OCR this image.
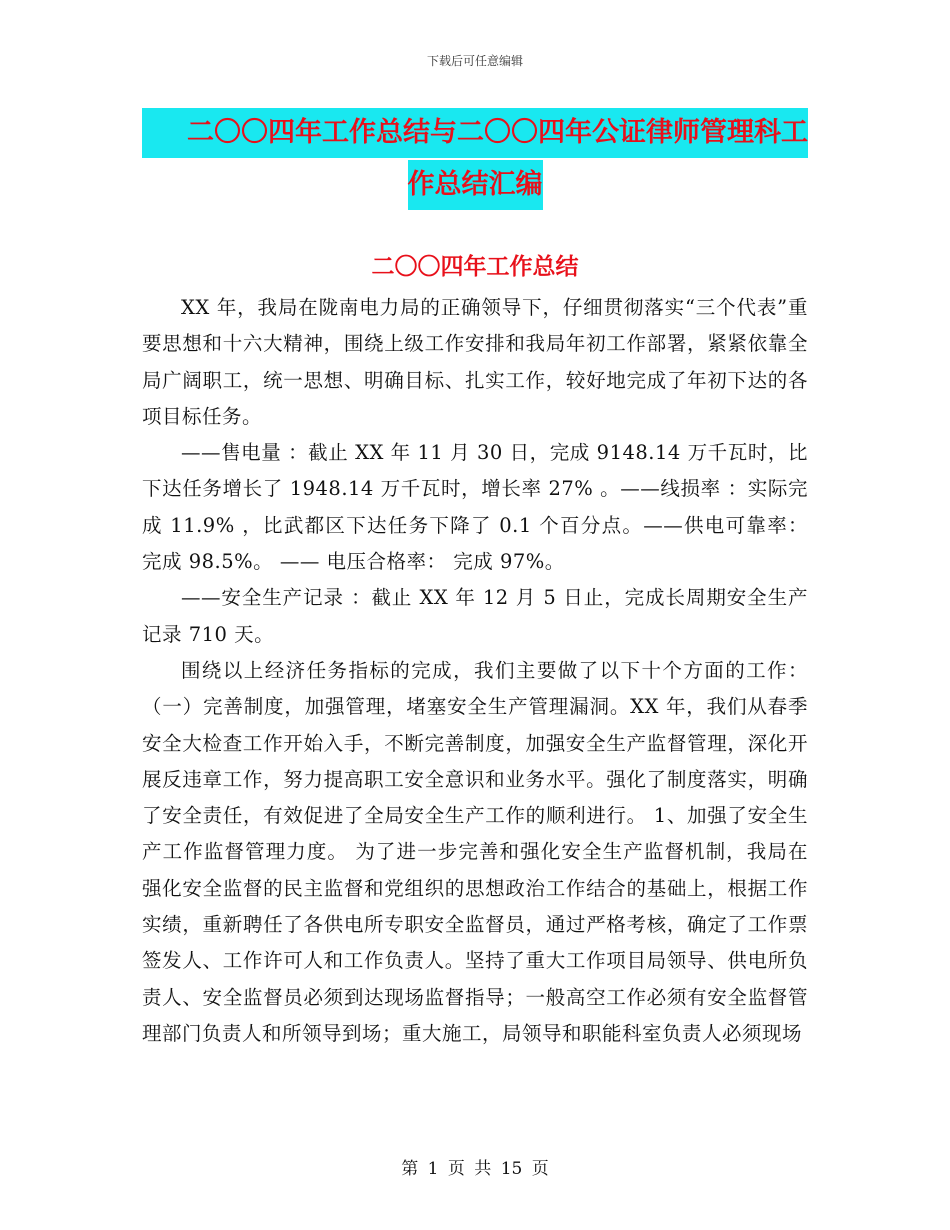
下载后可任意编辑
二〇〇四年工作总结与二〇〇四年公证律师管理科工
作总结汇编
二〇〇四年工作总结

XX 年，我局在陇南电力局的正确领导下，仔细贯彻落实“三个代表”重要思想和十六大精神，围绕上级工作安排和我局年初工作部署，紧紧依靠全局广阔职工，统一思想、明确目标、扎实工作，较好地完成了年初下达的各项目标任务。

——售电量 ：截止 XX 年 11 月 30 日，完成 9148.14 万千瓦时，比下达任务增长了 1948.14 万千瓦时，增长率 27% 。——线损率 ：实际完成 11.9% ，比武都区下达任务下降了 0.1 个百分点。——供电可靠率： 完成 98.5%。 —— 电压合格率： 完成 97%。

——安全生产记录 ：截止 XX 年 12 月 5 日止，完成长周期安全生产记录 710 天。

围绕以上经济任务指标的完成，我们主要做了以下十个方面的工作： （一）完善制度，加强管理，堵塞安全生产管理漏洞。XX 年，我们从春季安全大检查工作开始入手，不断完善制度，加强安全生产监督管理，深化开展反违章工作，努力提高职工安全意识和业务水平。强化了制度落实，明确了安全责任，有效促进了全局安全生产工作的顺利进行。 1、加强了安全生产工作监督管理力度。 为了进一步完善和强化安全生产监督机制，我局在强化安全监督的民主监督和党组织的思想政治工作结合的基础上，根据工作实绩，重新聘任了各供电所专职安全监督员，通过严格考核，确定了工作票签发人、工作许可人和工作负责人。坚持了重大工作项目局领导、供电所负责人、安全监督员必须到达现场监督指导；一般高空工作必须有安全监督管理部门负责人和所领导到场；重大施工，局领导和职能科室负责人必须现场

第 1 页 共 15 页
